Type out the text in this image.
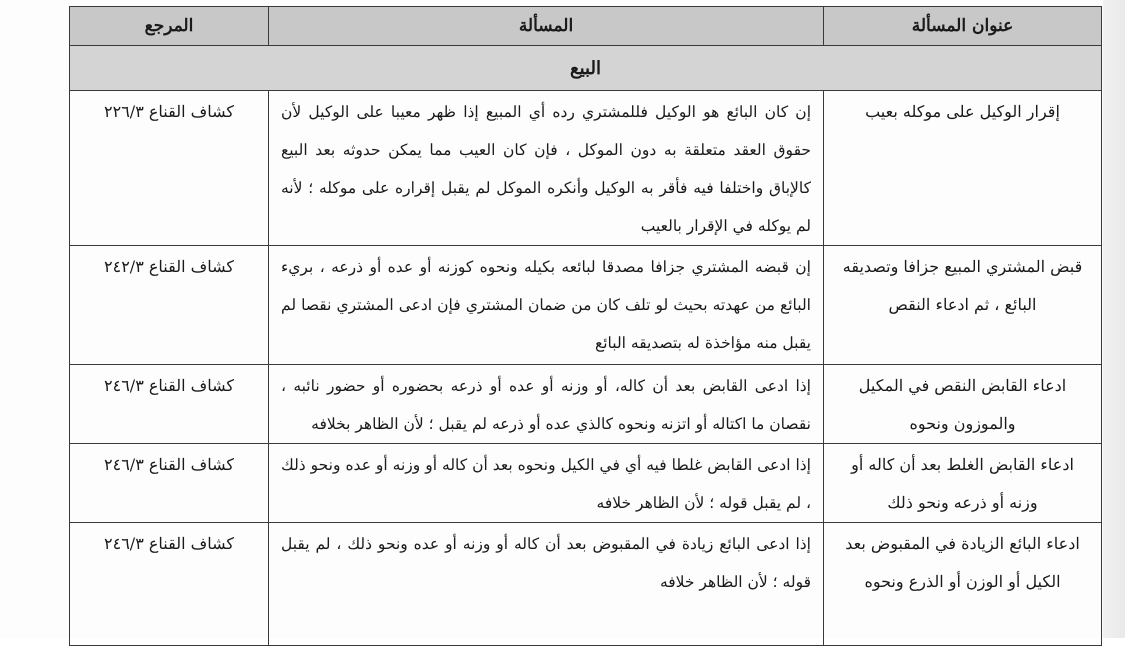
عنوان المسألة	المسألة	المرجع
البيع		
إقرار الوكيل على موكله بعيب	إن كان البائع هو الوكيل فللمشتري رده أي المبيع إذا ظهر معيبا على الوكيل لأن حقوق العقد متعلقة به دون الموكل ، فإن كان العيب مما يمكن حدوثه بعد البيع كالإباق واختلفا فيه فأقر به الوكيل وأنكره الموكل لم يقبل إقراره على موكله ؛ لأنه لم يوكله في الإقرار بالعيب	كشاف القناع ٢٢٦/٣
قبض المشتري المبيع جزافا وتصديقه البائع ، ثم ادعاء النقص	إن قبضه المشتري جزافا مصدقا لبائعه بكيله ونحوه كوزنه أو عده أو ذرعه ، بريء البائع من عهدته بحيث لو تلف كان من ضمان المشتري فإن ادعى المشتري نقصا لم يقبل منه مؤاخذة له بتصديقه البائع	كشاف القناع ٢٤٢/٣
ادعاء القابض النقص في المكيل والموزون ونحوه	إذا ادعى القابض بعد أن كاله، أو وزنه أو عده أو ذرعه بحضوره أو حضور نائبه ، نقصان ما اكتاله أو اتزنه ونحوه كالذي عده أو ذرعه لم يقبل ؛ لأن الظاهر بخلافه	كشاف القناع ٢٤٦/٣
ادعاء القابض الغلط بعد أن كاله أو وزنه أو ذرعه ونحو ذلك	إذا ادعى القابض غلطا فيه أي في الكيل ونحوه بعد أن كاله أو وزنه أو عده ونحو ذلك ، لم يقبل قوله ؛ لأن الظاهر خلافه	كشاف القناع ٢٤٦/٣
ادعاء البائع الزيادة في المقبوض بعد الكيل أو الوزن أو الذرع ونحوه	إذا ادعى البائع زيادة في المقبوض بعد أن كاله أو وزنه أو عده ونحو ذلك ، لم يقبل قوله ؛ لأن الظاهر خلافه	كشاف القناع ٢٤٦/٣
